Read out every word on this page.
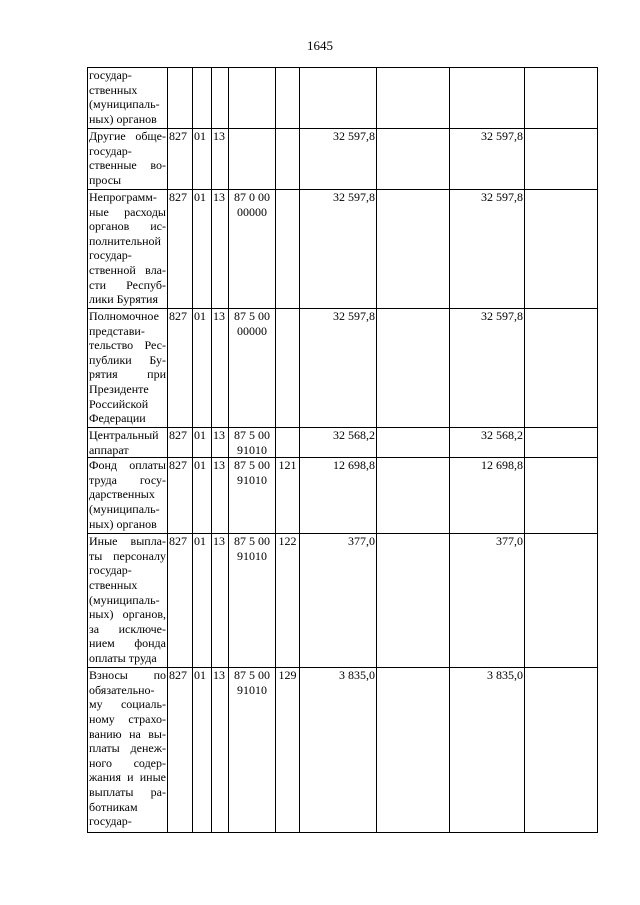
1645
государ-ственных (муниципаль-ных) органов									
Другие обще-государ-ственные во-просы	827	01	13			32 597,8		32 597,8	
Непрограмм-ные расходы органов ис-полнительной государ-ственной вла-сти Респуб-лики Бурятия	827	01	13	87 0 00 00000		32 597,8		32 597,8	
Полномочное представи-тельство Рес-публики Бу-рятия при Президенте Российской Федерации	827	01	13	87 5 00 00000		32 597,8		32 597,8	
Центральный аппарат	827	01	13	87 5 00 91010		32 568,2		32 568,2	
Фонд оплаты труда госу-дарственных (муниципаль-ных) органов	827	01	13	87 5 00 91010	121	12 698,8		12 698,8	
Иные выпла-ты персоналу государ-ственных (муниципаль-ных) органов, за исключе-нием фонда оплаты труда	827	01	13	87 5 00 91010	122	377,0		377,0	
Взносы по обязательно-му социаль-ному страхо-ванию на вы-платы денеж-ного содер-жания и иные выплаты ра-ботникам государ-	827	01	13	87 5 00 91010	129	3 835,0		3 835,0	
